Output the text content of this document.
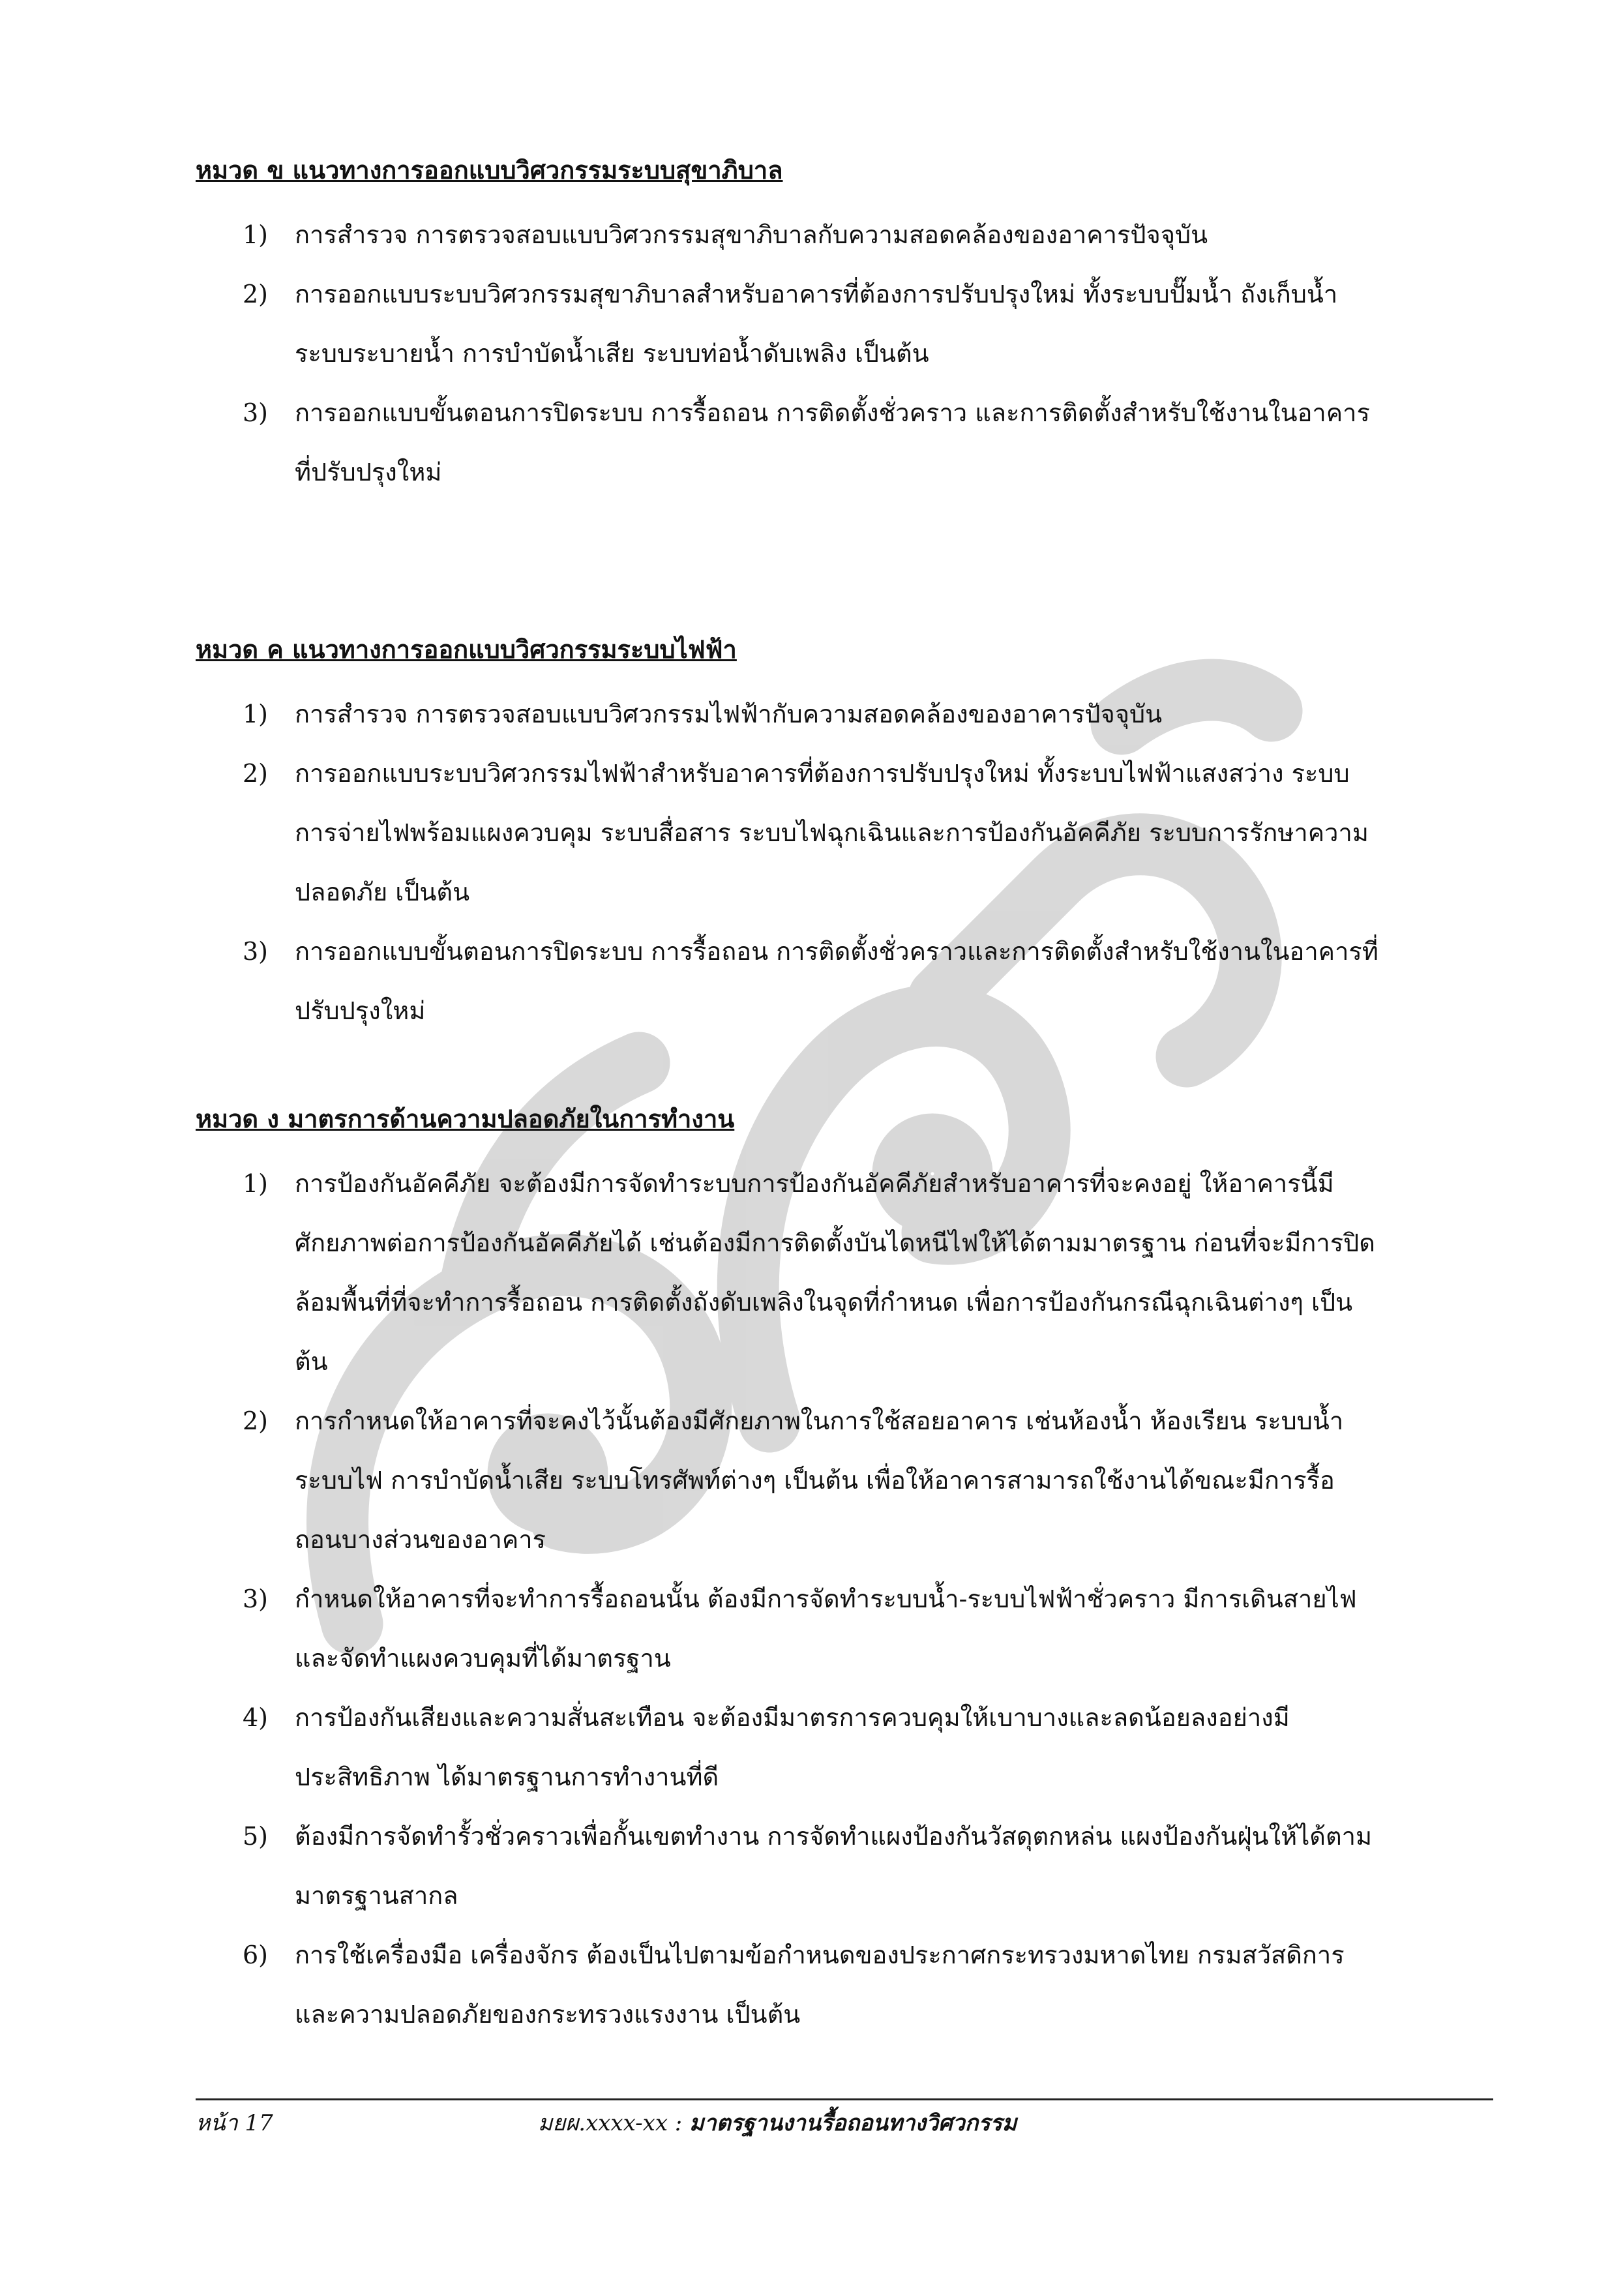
หมวด ข แนวทางการออกแบบวิศวกรรมระบบสุขาภิบาล
1) การสำรวจ การตรวจสอบแบบวิศวกรรมสุขาภิบาลกับความสอดคล้องของอาคารปัจจุบัน
2) การออกแบบระบบวิศวกรรมสุขาภิบาลสำหรับอาคารที่ต้องการปรับปรุงใหม่ ทั้งระบบปั๊มน้ำ ถังเก็บน้ำ
ระบบระบายน้ำ การบำบัดน้ำเสีย ระบบท่อน้ำดับเพลิง เป็นต้น
3) การออกแบบขั้นตอนการปิดระบบ การรื้อถอน การติดตั้งชั่วคราว และการติดตั้งสำหรับใช้งานในอาคาร
ที่ปรับปรุงใหม่
หมวด ค แนวทางการออกแบบวิศวกรรมระบบไฟฟ้า
1) การสำรวจ การตรวจสอบแบบวิศวกรรมไฟฟ้ากับความสอดคล้องของอาคารปัจจุบัน
2) การออกแบบระบบวิศวกรรมไฟฟ้าสำหรับอาคารที่ต้องการปรับปรุงใหม่ ทั้งระบบไฟฟ้าแสงสว่าง ระบบ
การจ่ายไฟพร้อมแผงควบคุม ระบบสื่อสาร ระบบไฟฉุกเฉินและการป้องกันอัคคีภัย ระบบการรักษาความ
ปลอดภัย เป็นต้น
3) การออกแบบขั้นตอนการปิดระบบ การรื้อถอน การติดตั้งชั่วคราวและการติดตั้งสำหรับใช้งานในอาคารที่
ปรับปรุงใหม่
หมวด ง มาตรการด้านความปลอดภัยในการทำงาน
1) การป้องกันอัคคีภัย จะต้องมีการจัดทำระบบการป้องกันอัคคีภัยสำหรับอาคารที่จะคงอยู่ ให้อาคารนี้มี
ศักยภาพต่อการป้องกันอัคคีภัยได้ เช่นต้องมีการติดตั้งบันไดหนีไฟให้ได้ตามมาตรฐาน ก่อนที่จะมีการปิด
ล้อมพื้นที่ที่จะทำการรื้อถอน การติดตั้งถังดับเพลิงในจุดที่กำหนด เพื่อการป้องกันกรณีฉุกเฉินต่างๆ เป็น
ต้น
2) การกำหนดให้อาคารที่จะคงไว้นั้นต้องมีศักยภาพในการใช้สอยอาคาร เช่นห้องน้ำ ห้องเรียน ระบบน้ำ
ระบบไฟ การบำบัดน้ำเสีย ระบบโทรศัพท์ต่างๆ เป็นต้น เพื่อให้อาคารสามารถใช้งานได้ขณะมีการรื้อ
ถอนบางส่วนของอาคาร
3) กำหนดให้อาคารที่จะทำการรื้อถอนนั้น ต้องมีการจัดทำระบบน้ำ-ระบบไฟฟ้าชั่วคราว มีการเดินสายไฟ
และจัดทำแผงควบคุมที่ได้มาตรฐาน
4) การป้องกันเสียงและความสั่นสะเทือน จะต้องมีมาตรการควบคุมให้เบาบางและลดน้อยลงอย่างมี
ประสิทธิภาพ ได้มาตรฐานการทำงานที่ดี
5) ต้องมีการจัดทำรั้วชั่วคราวเพื่อกั้นเขตทำงาน การจัดทำแผงป้องกันวัสดุตกหล่น แผงป้องกันฝุ่นให้ได้ตาม
มาตรฐานสากล
6) การใช้เครื่องมือ เครื่องจักร ต้องเป็นไปตามข้อกำหนดของประกาศกระทรวงมหาดไทย กรมสวัสดิการ
และความปลอดภัยของกระทรวงแรงงาน เป็นต้น
หน้า 17	มยผ.xxxx-xx : มาตรฐานงานรื้อถอนทางวิศวกรรม
